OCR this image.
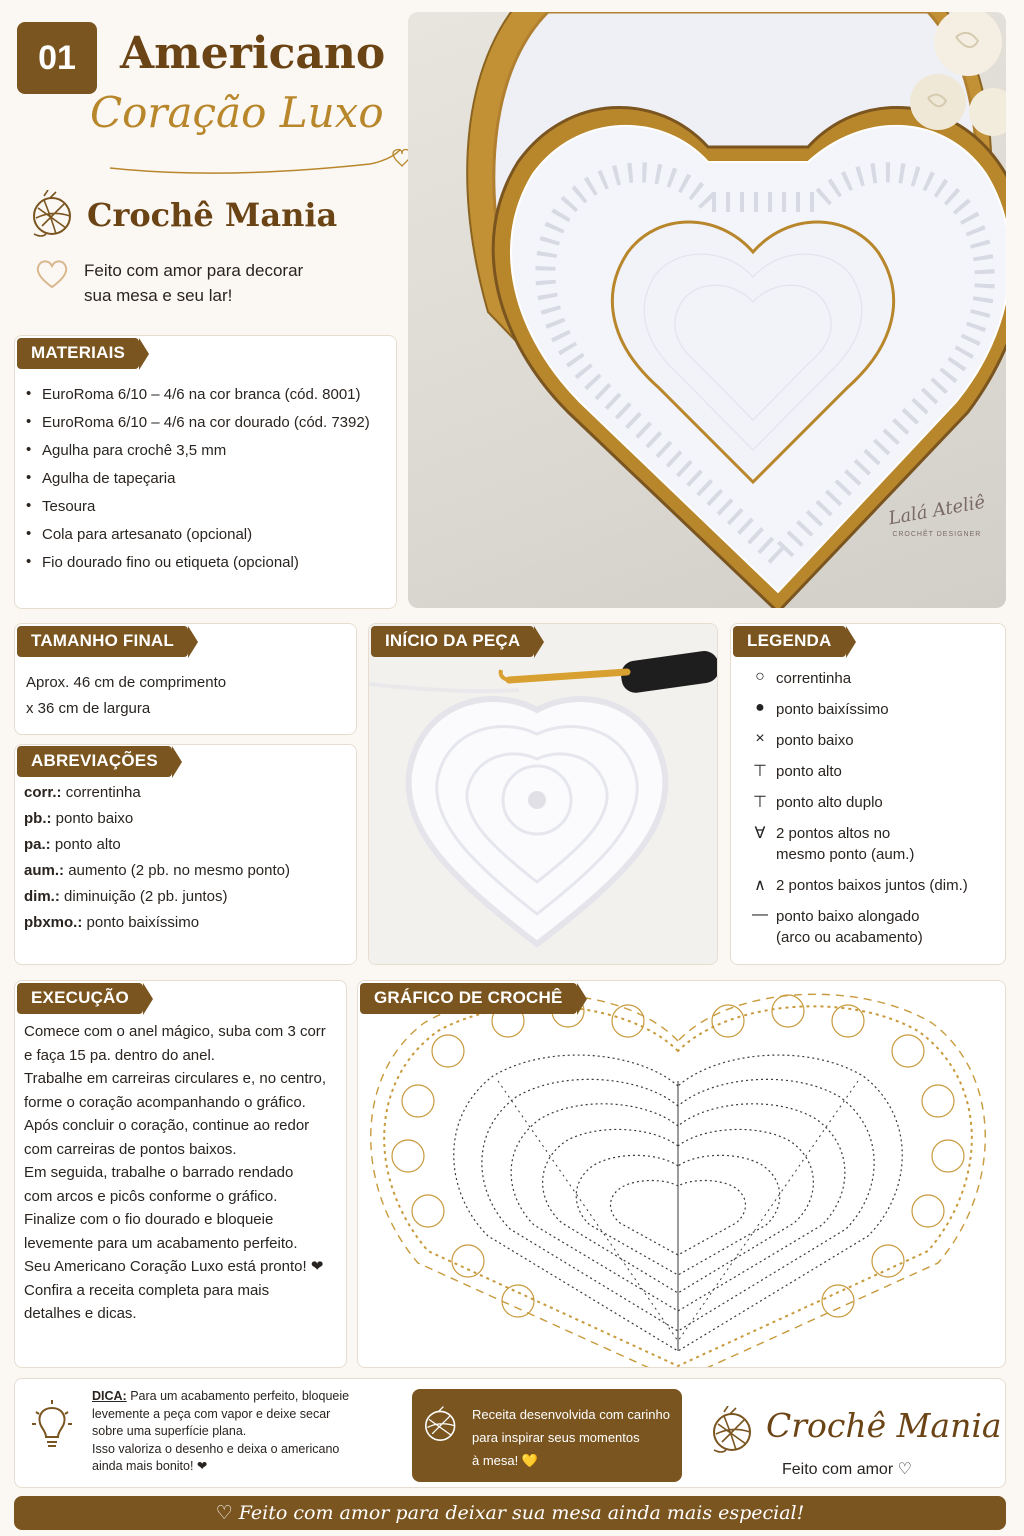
01 Americano
Coração Luxo
Crochê Mania
Feito com amor para decorar
sua mesa e seu lar!
Lalá Ateliê
CROCHÊT DESIGNER
MATERIAIS
• EuroRoma 6/10 – 4/6 na cor branca (cód. 8001)
• EuroRoma 6/10 – 4/6 na cor dourado (cód. 7392)
• Agulha para crochê 3,5 mm
• Agulha de tapeçaria
• Tesoura
• Cola para artesanato (opcional)
• Fio dourado fino ou etiqueta (opcional)
TAMANHO FINAL
Aprox. 46 cm de comprimento
x 36 cm de largura
ABREVIAÇÕES

corr.: correntinha

pb.: ponto baixo

pa.: ponto alto

aum.: aumento (2 pb. no mesmo ponto)

dim.: diminuição (2 pb. juntos)

pbxmo.: ponto baixíssimo

INÍCIO DA PEÇA	LEGENDA
○ correntinha
● ponto baixíssimo
× ponto baixo
⊤ ponto alto
⊤ ponto alto duplo
∀ 2 pontos altos no
mesmo ponto (aum.)
∧ 2 pontos baixos juntos (dim.)
— ponto baixo alongado
(arco ou acabamento)
EXECUÇÃO

Comece com o anel mágico, suba com 3 corr

e faça 15 pa. dentro do anel.

Trabalhe em carreiras circulares e, no centro,

forme o coração acompanhando o gráfico.

Após concluir o coração, continue ao redor

com carreiras de pontos baixos.

Em seguida, trabalhe o barrado rendado

com arcos e picôs conforme o gráfico.

Finalize com o fio dourado e bloqueie

levemente para um acabamento perfeito.

Seu Americano Coração Luxo está pronto! ❤

Confira a receita completa para mais

detalhes e dicas.

GRÁFICO DE CROCHÊ
DICA: Para um acabamento perfeito, bloqueie
levemente a peça com vapor e deixe secar
sobre uma superfície plana.
Isso valoriza o desenho e deixa o americano
ainda mais bonito! ❤
Receita desenvolvida com carinho
para inspirar seus momentos
à mesa! 💛
Crochê Mania
Feito com amor ♡
♡ Feito com amor para deixar sua mesa ainda mais especial!
